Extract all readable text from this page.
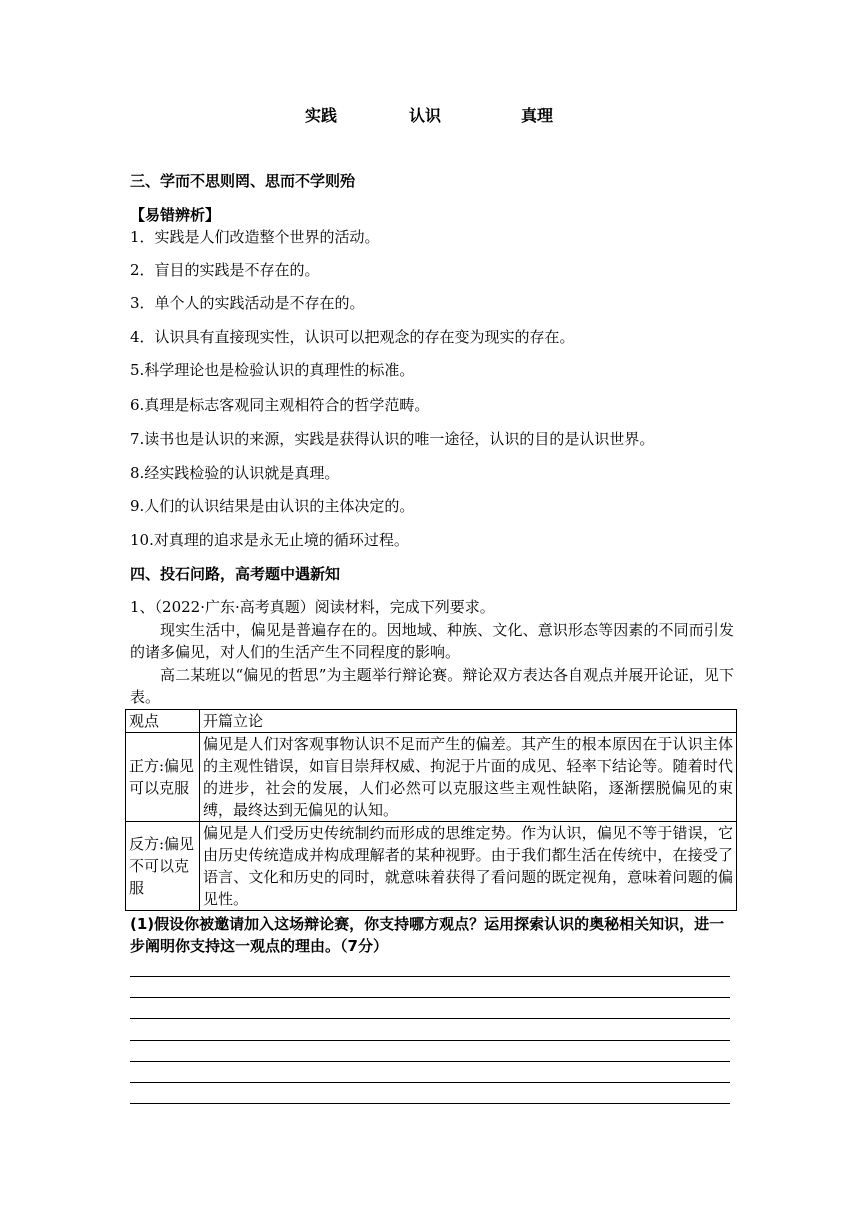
实践	认识	真理
三、学而不思则罔、思而不学则殆
【易错辨析】
1．实践是人们改造整个世界的活动。
2．盲目的实践是不存在的。
3．单个人的实践活动是不存在的。
4．认识具有直接现实性，认识可以把观念的存在变为现实的存在。
5.科学理论也是检验认识的真理性的标准。
6.真理是标志客观同主观相符合的哲学范畴。
7.读书也是认识的来源，实践是获得认识的唯一途径，认识的目的是认识世界。
8.经实践检验的认识就是真理。
9.人们的认识结果是由认识的主体决定的。
10.对真理的追求是永无止境的循环过程。
四、投石问路，高考题中遇新知
1、（2022·广东·高考真题）阅读材料，完成下列要求。
现实生活中，偏见是普遍存在的。因地域、种族、文化、意识形态等因素的不同而引发的诸多偏见，对人们的生活产生不同程度的影响。
高二某班以“偏见的哲思”为主题举行辩论赛。辩论双方表达各自观点并展开论证，见下表。
观点	开篇立论
正方:偏见可以克服	偏见是人们对客观事物认识不足而产生的偏差。其产生的根本原因在于认识主体的主观性错误，如盲目崇拜权威、拘泥于片面的成见、轻率下结论等。随着时代的进步，社会的发展，人们必然可以克服这些主观性缺陷，逐渐摆脱偏见的束缚，最终达到无偏见的认知。
反方:偏见不可以克服	偏见是人们受历史传统制约而形成的思维定势。作为认识，偏见不等于错误，它由历史传统造成并构成理解者的某种视野。由于我们都生活在传统中，在接受了语言、文化和历史的同时，就意味着获得了看问题的既定视角，意味着问题的偏见性。
(1)假设你被邀请加入这场辩论赛，你支持哪方观点？运用探索认识的奥秘相关知识，进一步阐明你支持这一观点的理由。（7分）
